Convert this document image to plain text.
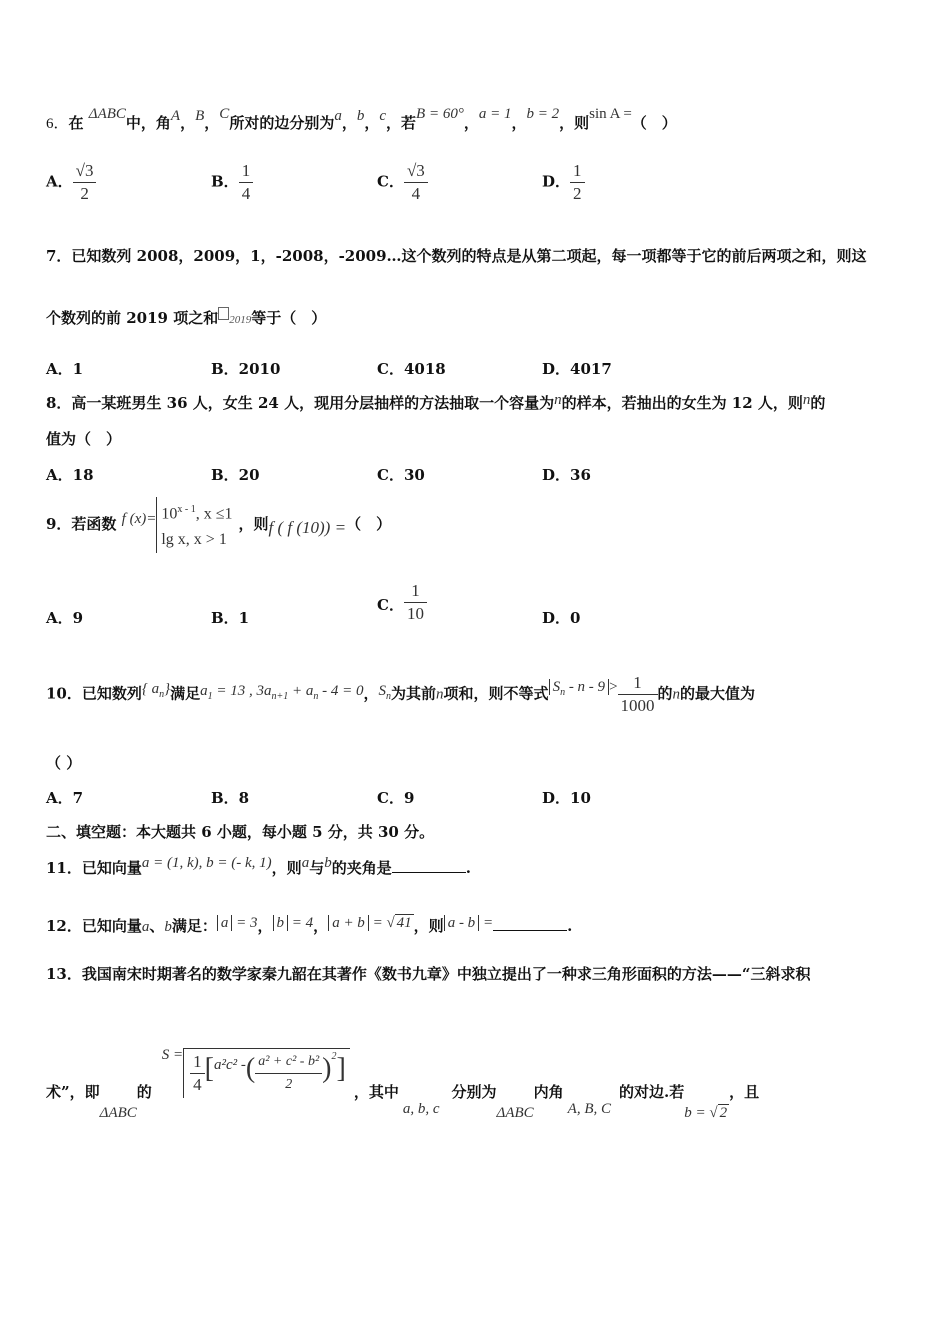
6．在 ΔABC中，角A，B，C所对的边分别为a，b，c，若B = 60°，a = 1，b = 2，则sin A =（　）
A． $\frac{√3}{2}$	B． $\frac{1}{4}$	C． $\frac{√3}{4}$	D． $\frac{1}{2}$
7．已知数列 2008，2009，1，-2008，-2009…这个数列的特点是从第二项起，每一项都等于它的前后两项之和，则这
个数列的前 2019 项之和 2019等于（　）
A．1	B．2010	C．4018	D．4017
8．高一某班男生 36 人，女生 24 人，现用分层抽样的方法抽取一个容量为n的样本，若抽出的女生为 12 人，则n的
值为（　）
A．18	B．20	C．30	D．36
9．若函数 f $(x)= 10^{x - 1}$, x ≤1
lg x, x > 1
，则f ( f (10)) =（　）
A．9	B．1
C． $\frac{1}{10}$	D．0
10．已知数列{ $a_n$}满足$a_1 = 13$ , $3a_{n+1} + a_n - 4 = 0$，$S_n$为其前n项和，则不等式 $S_n - n - 9 > \frac{1}{1000}$ 的n的最大值为
（ ）
A．7	B．8	C．9	D．10
二、填空题：本大题共 6 小题，每小题 5 分，共 30 分。
11．已知向量a = (1, k), b = (- k, 1)，则a与b的夹角是	.
12．已知向量a、b满足： a = 3， b = 4， a + b = √ 41 ，则 a - b =	.
13．我国南宋时期著名的数学家秦九韶在其著作《数书九章》中独立提出了一种求三角形面积的方法——“三斜求积
术”，即ΔABC的$S = \frac{1}{4} [a^2c^2$ -( $\frac{\text{a² + c² - b²}}{2} )^2$]，其中a, b, c分别为ΔABC内角A, B, C的对边.若b = √ 2，且
